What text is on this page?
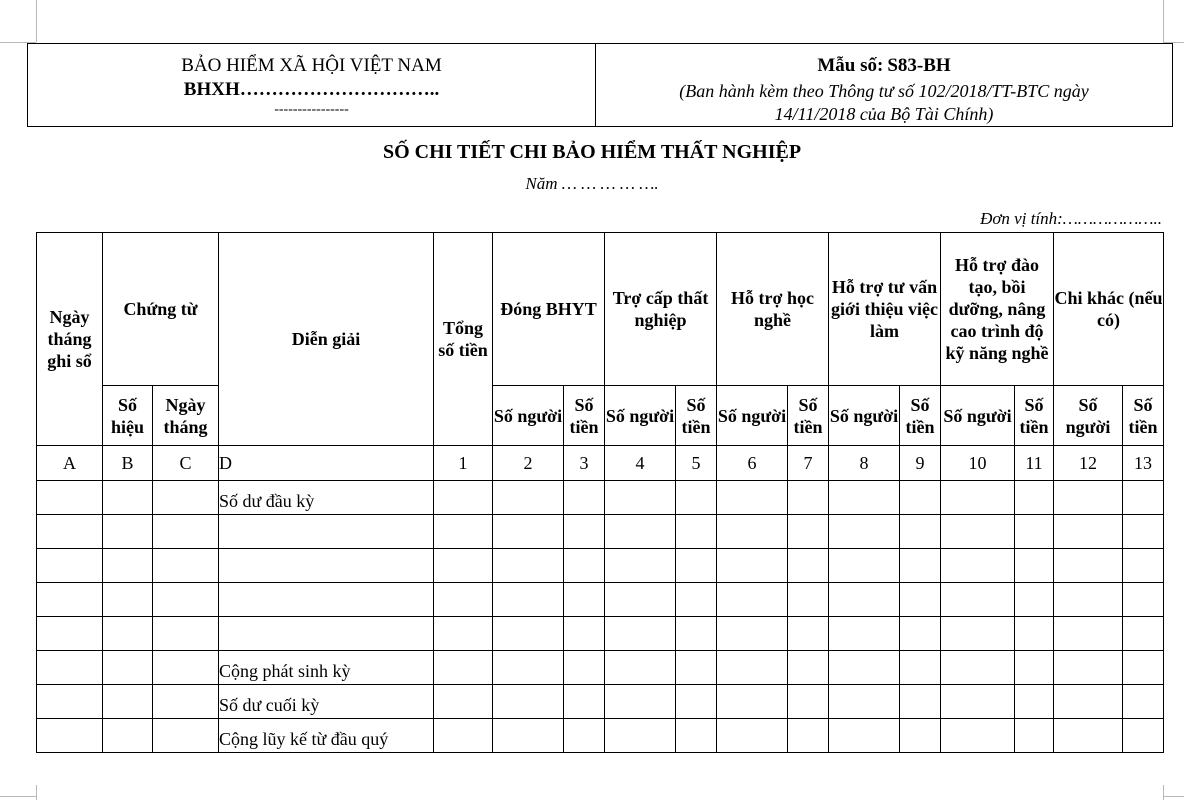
BẢO HIỂM XÃ HỘI VIỆT NAM
BHXH…………………………..
----------------
Mẫu số: S83-BH
(Ban hành kèm theo Thông tư số 102/2018/TT-BTC ngày
14/11/2018 của Bộ Tài Chính)
SỐ CHI TIẾT CHI BẢO HIỂM THẤT NGHIỆP
Năm … … … … ….
Đơn vị tính:………………..
Ngày tháng ghi sổ	Chứng từ		Diễn giải	Tổng số tiền	Đóng BHYT		Trợ cấp thất nghiệp		Hỗ trợ học nghề		Hỗ trợ tư vấn giới thiệu việc làm		Hỗ trợ đào tạo, bồi dưỡng, nâng cao trình độ kỹ năng nghề		Chi khác (nếu có)	
	Số hiệu	Ngày tháng			Số người	Số tiền	Số người	Số tiền	Số người	Số tiền	Số người	Số tiền	Số người	Số tiền	Số người	Số tiền
A	B	C	D	1	2	3	4	5	6	7	8	9	10	11	12	13
			Số dư đầu kỳ													

			Cộng phát sinh kỳ													
			Số dư cuối kỳ													
			Cộng lũy kế từ đầu quý													
